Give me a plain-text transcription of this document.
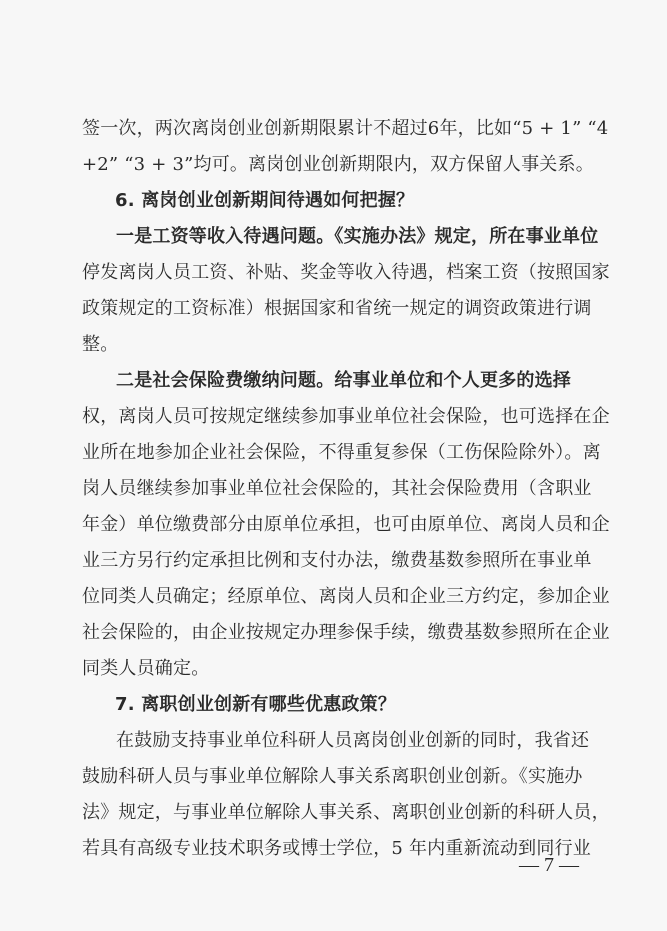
签一次，两次离岗创业创新期限累计不超过6年，比如“5 + 1” “4
+2” “3 + 3”均可。离岗创业创新期限内，双方保留人事关系。
6. 离岗创业创新期间待遇如何把握？
一是工资等收入待遇问题。《实施办法》规定，所在事业单位
停发离岗人员工资、补贴、奖金等收入待遇，档案工资（按照国家
政策规定的工资标准）根据国家和省统一规定的调资政策进行调
整。
二是社会保险费缴纳问题。给事业单位和个人更多的选择
权，离岗人员可按规定继续参加事业单位社会保险，也可选择在企
业所在地参加企业社会保险，不得重复参保（工伤保险除外）。离
岗人员继续参加事业单位社会保险的，其社会保险费用（含职业
年金）单位缴费部分由原单位承担，也可由原单位、离岗人员和企
业三方另行约定承担比例和支付办法，缴费基数参照所在事业单
位同类人员确定；经原单位、离岗人员和企业三方约定，参加企业
社会保险的，由企业按规定办理参保手续，缴费基数参照所在企业
同类人员确定。
7. 离职创业创新有哪些优惠政策？
在鼓励支持事业单位科研人员离岗创业创新的同时，我省还
鼓励科研人员与事业单位解除人事关系离职创业创新。《实施办
法》规定，与事业单位解除人事关系、离职创业创新的科研人员，
若具有高级专业技术职务或博士学位，5 年内重新流动到同行业
— 7 —
